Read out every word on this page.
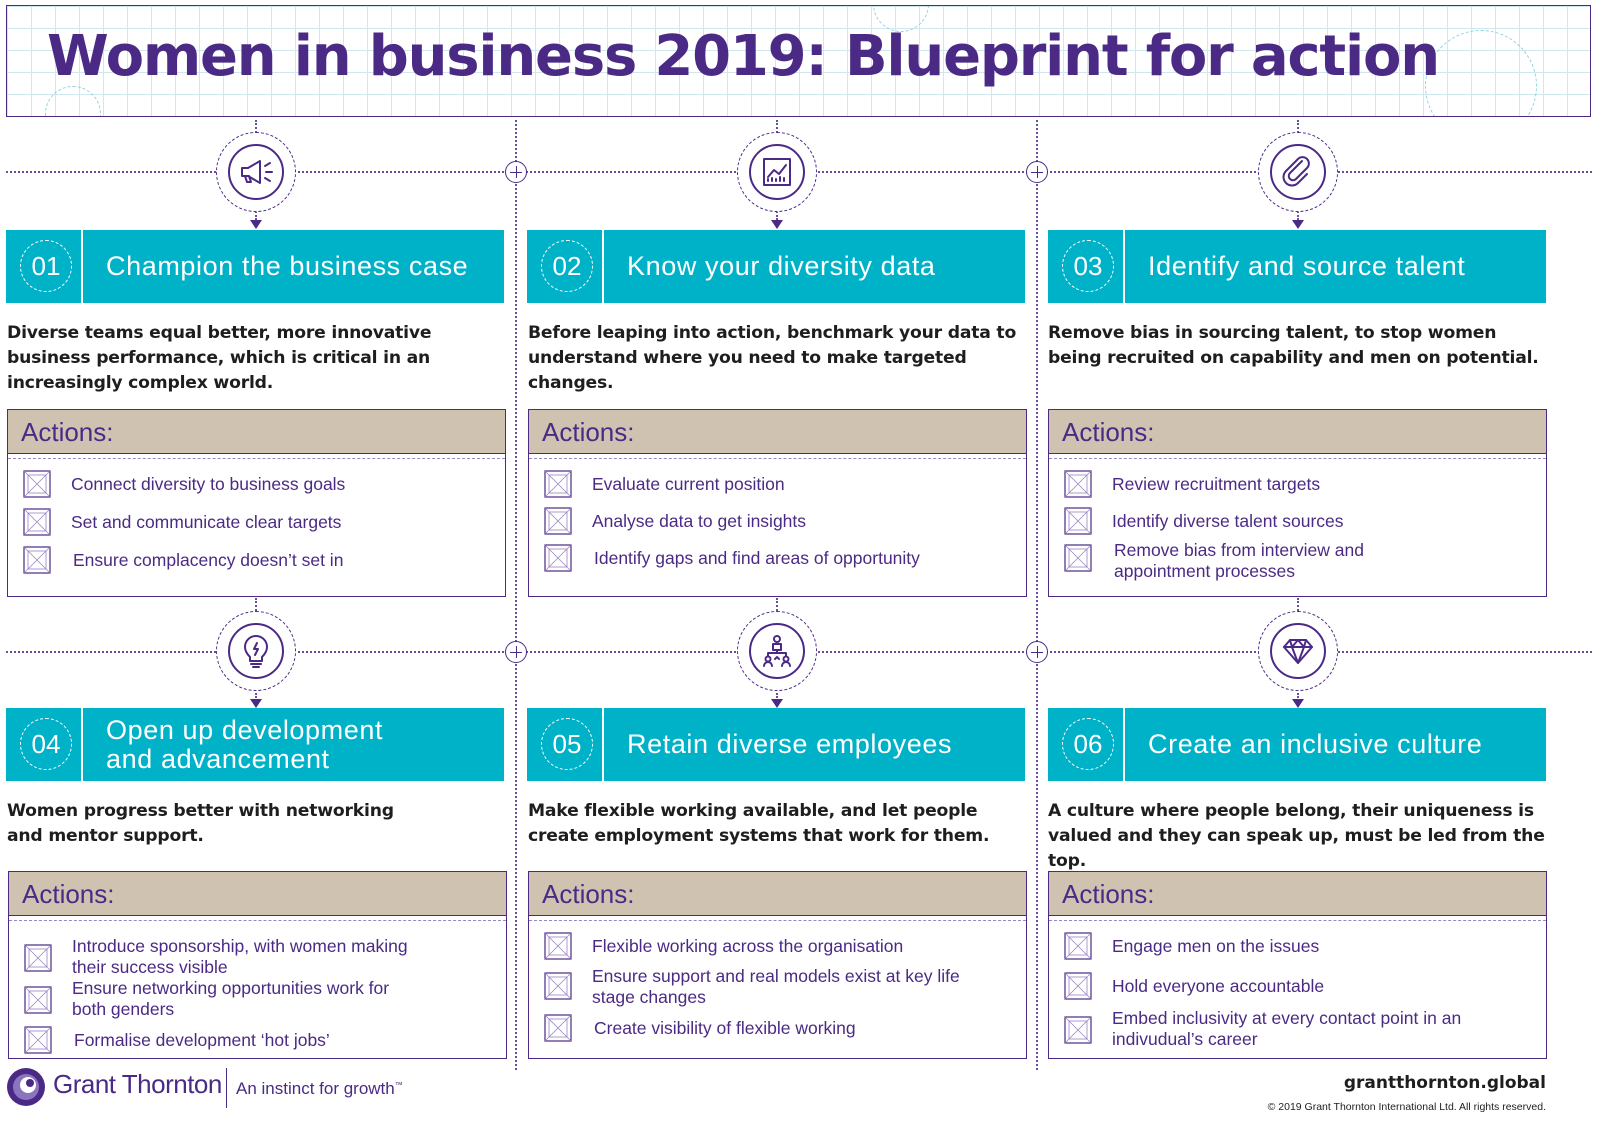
Women in business 2019: Blueprint for action
01	Champion the business case
Diverse teams equal better, more innovative business performance, which is critical in an increasingly complex world.
Actions:
Connect diversity to business goals
Set and communicate clear targets
Ensure complacency doesn’t set in
02	Know your diversity data
Before leaping into action, benchmark your data to understand where you need to make targeted changes.
Actions:
Evaluate current position
Analyse data to get insights
Identify gaps and find areas of opportunity
03	Identify and source talent
Remove bias in sourcing talent, to stop women being recruited on capability and men on potential.
Actions:
Review recruitment targets
Identify diverse talent sources
Remove bias from interview and appointment processes
04	Open up development and advancement
Women progress better with networking and mentor support.
Actions:
Introduce sponsorship, with women making their success visible
Ensure networking opportunities work for both genders
Formalise development ‘hot jobs’
05	Retain diverse employees
Make flexible working available, and let people create employment systems that work for them.
Actions:
Flexible working across the organisation
Ensure support and real models exist at key life stage changes
Create visibility of flexible working
06	Create an inclusive culture
A culture where people belong, their uniqueness is valued and they can speak up, must be led from the top.
Actions:
Engage men on the issues
Hold everyone accountable
Embed inclusivity at every contact point in an indivudual’s career
Grant Thornton An instinct for growth™	grantthornton.global
© 2019 Grant Thornton International Ltd. All rights reserved.
